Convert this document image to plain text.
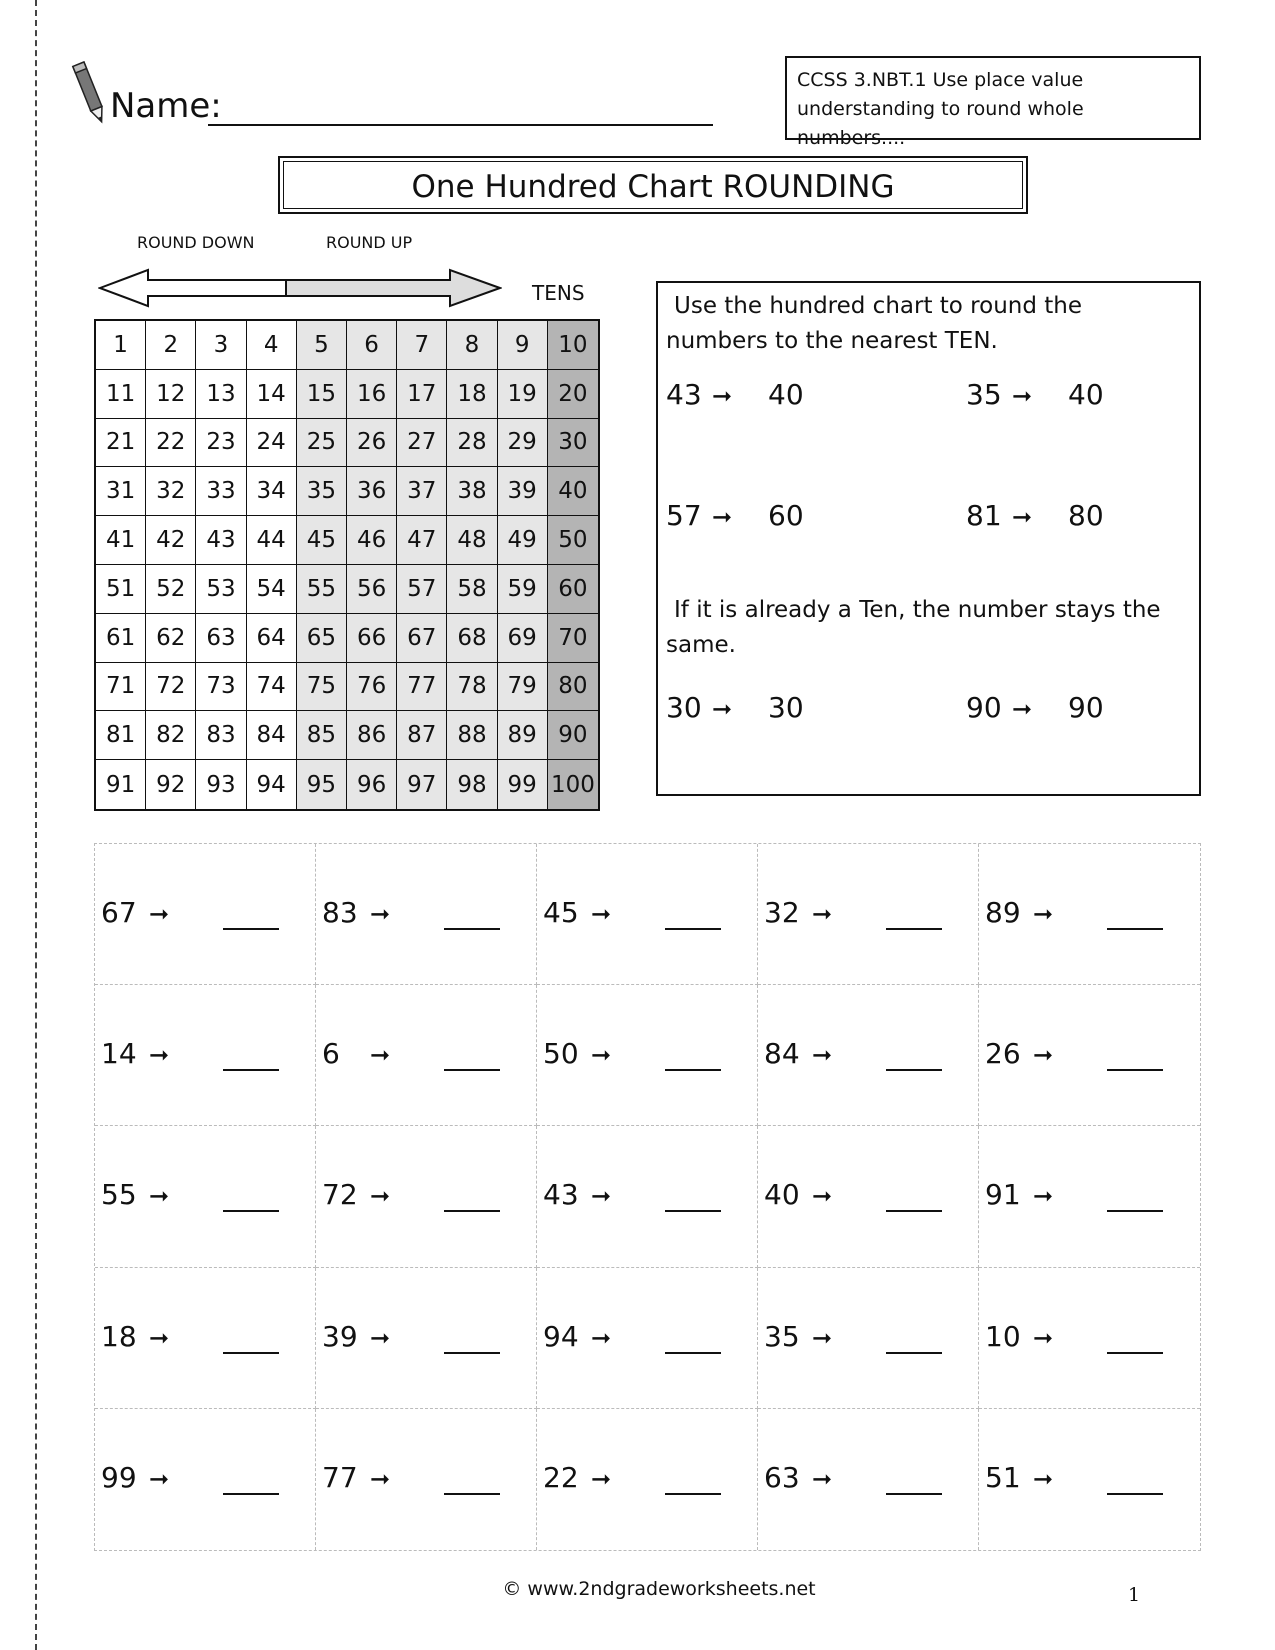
Name:
CCSS 3.NBT.1 Use place value understanding to round whole numbers....
One Hundred Chart ROUNDING
ROUND DOWN	ROUND UP
TENS
1	2	3	4	5	6	7	8	9	10
11 12 13 14 15 16 17 18 19 20
21 22 23 24 25 26 27 28 29 30
31 32 33 34 35 36 37 38 39 40
41 42 43 44 45 46 47 48 49 50
51 52 53 54 55 56 57 58 59 60
61 62 63 64 65 66 67 68 69 70
71 72 73 74 75 76 77 78 79 80
81 82 83 84 85 86 87 88 89 90
91 92 93 94 95 96 97 98 99 100
Use the hundred chart to round the numbers to the nearest TEN.
43 ➞	40	35 ➞	40
57 ➞	60	81 ➞	80
If it is already a Ten, the number stays the same.
30 ➞	30	90 ➞	90
67 ➞	83 ➞	45 ➞	32 ➞	89 ➞
14 ➞	6 ➞	50 ➞	84 ➞	26 ➞
55 ➞	72 ➞	43 ➞	40 ➞	91 ➞
18 ➞	39 ➞	94 ➞	35 ➞	10 ➞
99 ➞	77 ➞	22 ➞	63 ➞	51 ➞
© www.2ndgradeworksheets.net	1
